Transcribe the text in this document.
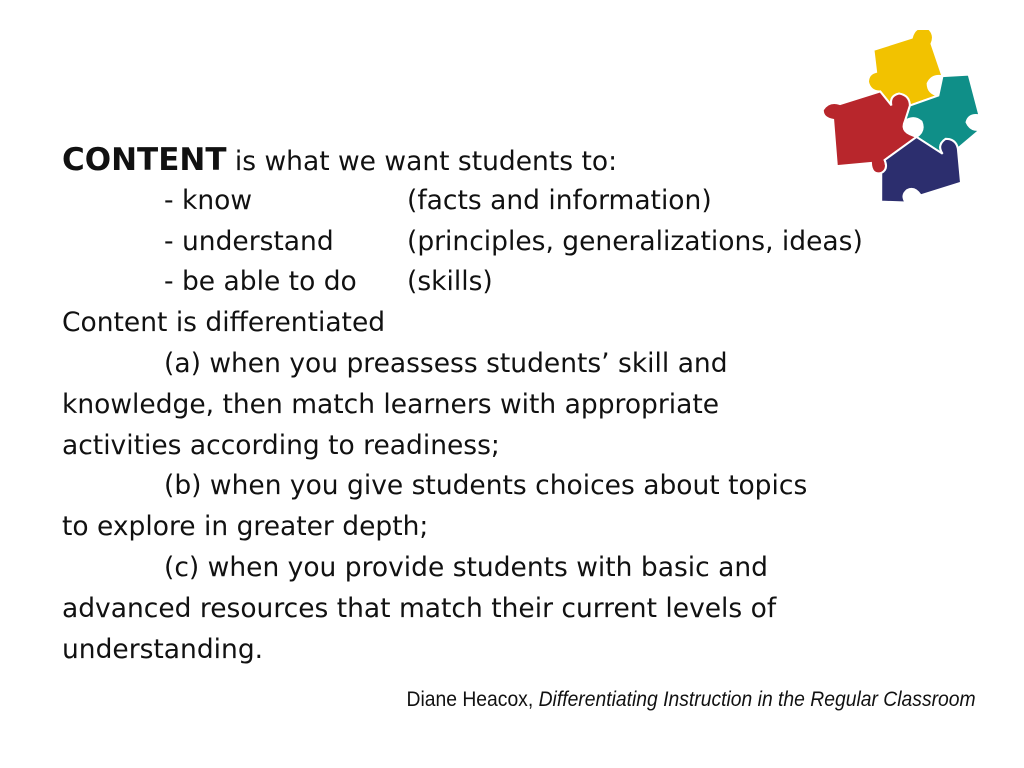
CONTENT is what we want students to:
- know	(facts and information)
- understand	(principles, generalizations, ideas)
- be able to do (skills)
Content is differentiated
(a) when you preassess students’ skill and
knowledge, then match learners with appropriate
activities according to readiness;
(b) when you give students choices about topics
to explore in greater depth;
(c) when you provide students with basic and
advanced resources that match their current levels of
understanding.
Diane Heacox, Differentiating Instruction in the Regular Classroom
